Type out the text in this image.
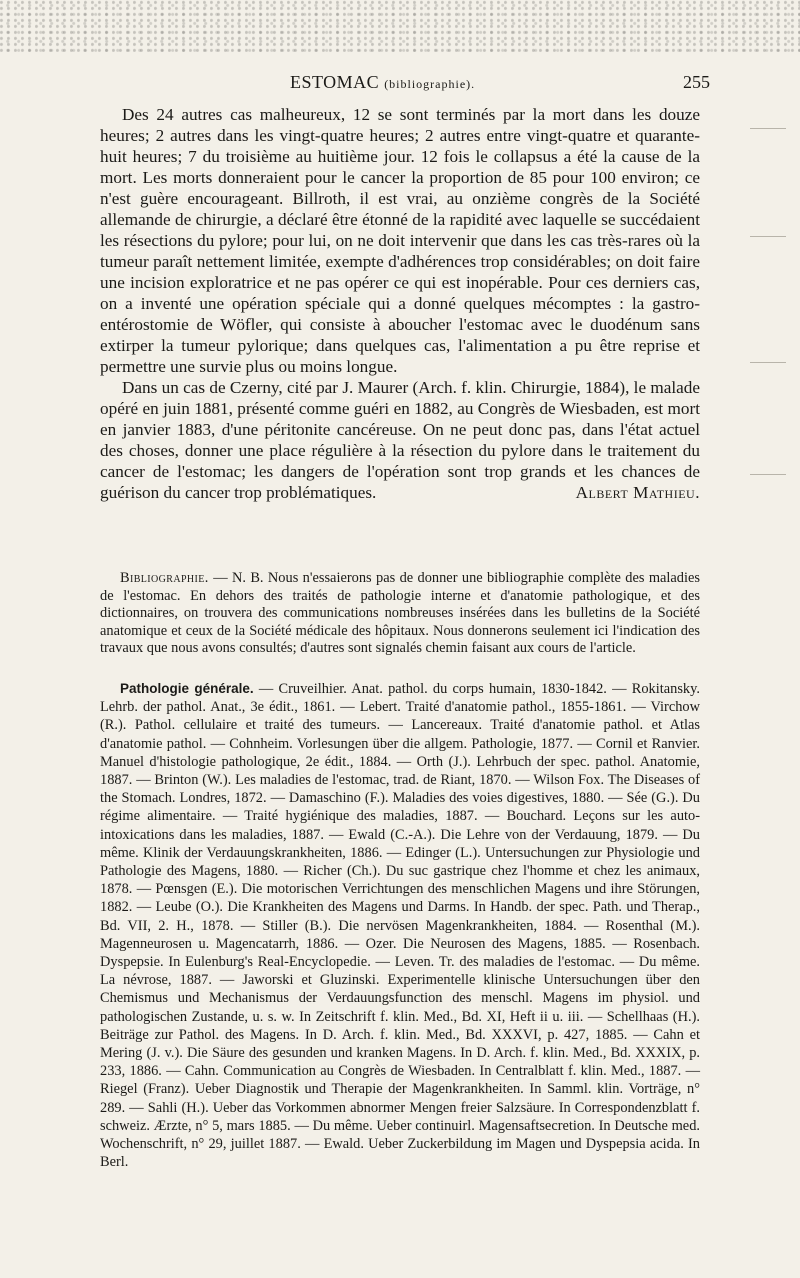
ESTOMAC (bibliographie).	255

Des 24 autres cas malheureux, 12 se sont terminés par la mort dans les douze heures; 2 autres dans les vingt-quatre heures; 2 autres entre vingt-quatre et quarante-huit heures; 7 du troisième au huitième jour. 12 fois le collapsus a été la cause de la mort. Les morts donneraient pour le cancer la proportion de 85 pour 100 environ; ce n'est guère encourageant. Billroth, il est vrai, au onzième congrès de la Société allemande de chirurgie, a déclaré être étonné de la rapidité avec laquelle se succédaient les résections du pylore; pour lui, on ne doit intervenir que dans les cas très-rares où la tumeur paraît nettement limitée, exempte d'adhérences trop considérables; on doit faire une incision exploratrice et ne pas opérer ce qui est inopérable. Pour ces derniers cas, on a inventé une opération spéciale qui a donné quelques mécomptes : la gastro-entérostomie de Wöfler, qui consiste à aboucher l'estomac avec le duodénum sans extirper la tumeur pylorique; dans quelques cas, l'alimentation a pu être reprise et permettre une survie plus ou moins longue.

Dans un cas de Czerny, cité par J. Maurer (Arch. f. klin. Chirurgie, 1884), le malade opéré en juin 1881, présenté comme guéri en 1882, au Congrès de Wiesbaden, est mort en janvier 1883, d'une péritonite cancéreuse. On ne peut donc pas, dans l'état actuel des choses, donner une place régulière à la résection du pylore dans le traitement du cancer de l'estomac; les dangers de l'opération sont trop grands et les chances de guérison du cancer trop problématiques.	Albert Mathieu.

Bibliographie. — N. B. Nous n'essaierons pas de donner une bibliographie complète des maladies de l'estomac. En dehors des traités de pathologie interne et d'anatomie pathologique, et des dictionnaires, on trouvera des communications nombreuses insérées dans les bulletins de la Société anatomique et ceux de la Société médicale des hôpitaux. Nous donnerons seulement ici l'indication des travaux que nous avons consultés; d'autres sont signalés chemin faisant aux cours de l'article.

Pathologie générale. — Cruveilhier. Anat. pathol. du corps humain, 1830-1842. — Rokitansky. Lehrb. der pathol. Anat., 3e édit., 1861. — Lebert. Traité d'anatomie pathol., 1855-1861. — Virchow (R.). Pathol. cellulaire et traité des tumeurs. — Lancereaux. Traité d'anatomie pathol. et Atlas d'anatomie pathol. — Cohnheim. Vorlesungen über die allgem. Pathologie, 1877. — Cornil et Ranvier. Manuel d'histologie pathologique, 2e édit., 1884. — Orth (J.). Lehrbuch der spec. pathol. Anatomie, 1887. — Brinton (W.). Les maladies de l'estomac, trad. de Riant, 1870. — Wilson Fox. The Diseases of the Stomach. Londres, 1872. — Damaschino (F.). Maladies des voies digestives, 1880. — Sée (G.). Du régime alimentaire. — Traité hygiénique des maladies, 1887. — Bouchard. Leçons sur les auto-intoxications dans les maladies, 1887. — Ewald (C.-A.). Die Lehre von der Verdauung, 1879. — Du même. Klinik der Verdauungskrankheiten, 1886. — Edinger (L.). Untersuchungen zur Physiologie und Pathologie des Magens, 1880. — Richer (Ch.). Du suc gastrique chez l'homme et chez les animaux, 1878. — Pœnsgen (E.). Die motorischen Verrichtungen des menschlichen Magens und ihre Störungen, 1882. — Leube (O.). Die Krankheiten des Magens und Darms. In Handb. der spec. Path. und Therap., Bd. VII, 2. H., 1878. — Stiller (B.). Die nervösen Magenkrankheiten, 1884. — Rosenthal (M.). Magenneurosen u. Magencatarrh, 1886. — Ozer. Die Neurosen des Magens, 1885. — Rosenbach. Dyspepsie. In Eulenburg's Real-Encyclopedie. — Leven. Tr. des maladies de l'estomac. — Du même. La névrose, 1887. — Jaworski et Gluzinski. Experimentelle klinische Untersuchungen über den Chemismus und Mechanismus der Verdauungsfunction des menschl. Magens im physiol. und pathologischen Zustande, u. s. w. In Zeitschrift f. klin. Med., Bd. XI, Heft ii u. iii. — Schellhaas (H.). Beiträge zur Pathol. des Magens. In D. Arch. f. klin. Med., Bd. XXXVI, p. 427, 1885. — Cahn et Mering (J. v.). Die Säure des gesunden und kranken Magens. In D. Arch. f. klin. Med., Bd. XXXIX, p. 233, 1886. — Cahn. Communication au Congrès de Wiesbaden. In Centralblatt f. klin. Med., 1887. — Riegel (Franz). Ueber Diagnostik und Therapie der Magenkrankheiten. In Samml. klin. Vorträge, n° 289. — Sahli (H.). Ueber das Vorkommen abnormer Mengen freier Salzsäure. In Correspondenzblatt f. schweiz. Ærzte, n° 5, mars 1885. — Du même. Ueber continuirl. Magensaftsecretion. In Deutsche med. Wochenschrift, n° 29, juillet 1887. — Ewald. Ueber Zuckerbildung im Magen und Dyspepsia acida. In Berl.
